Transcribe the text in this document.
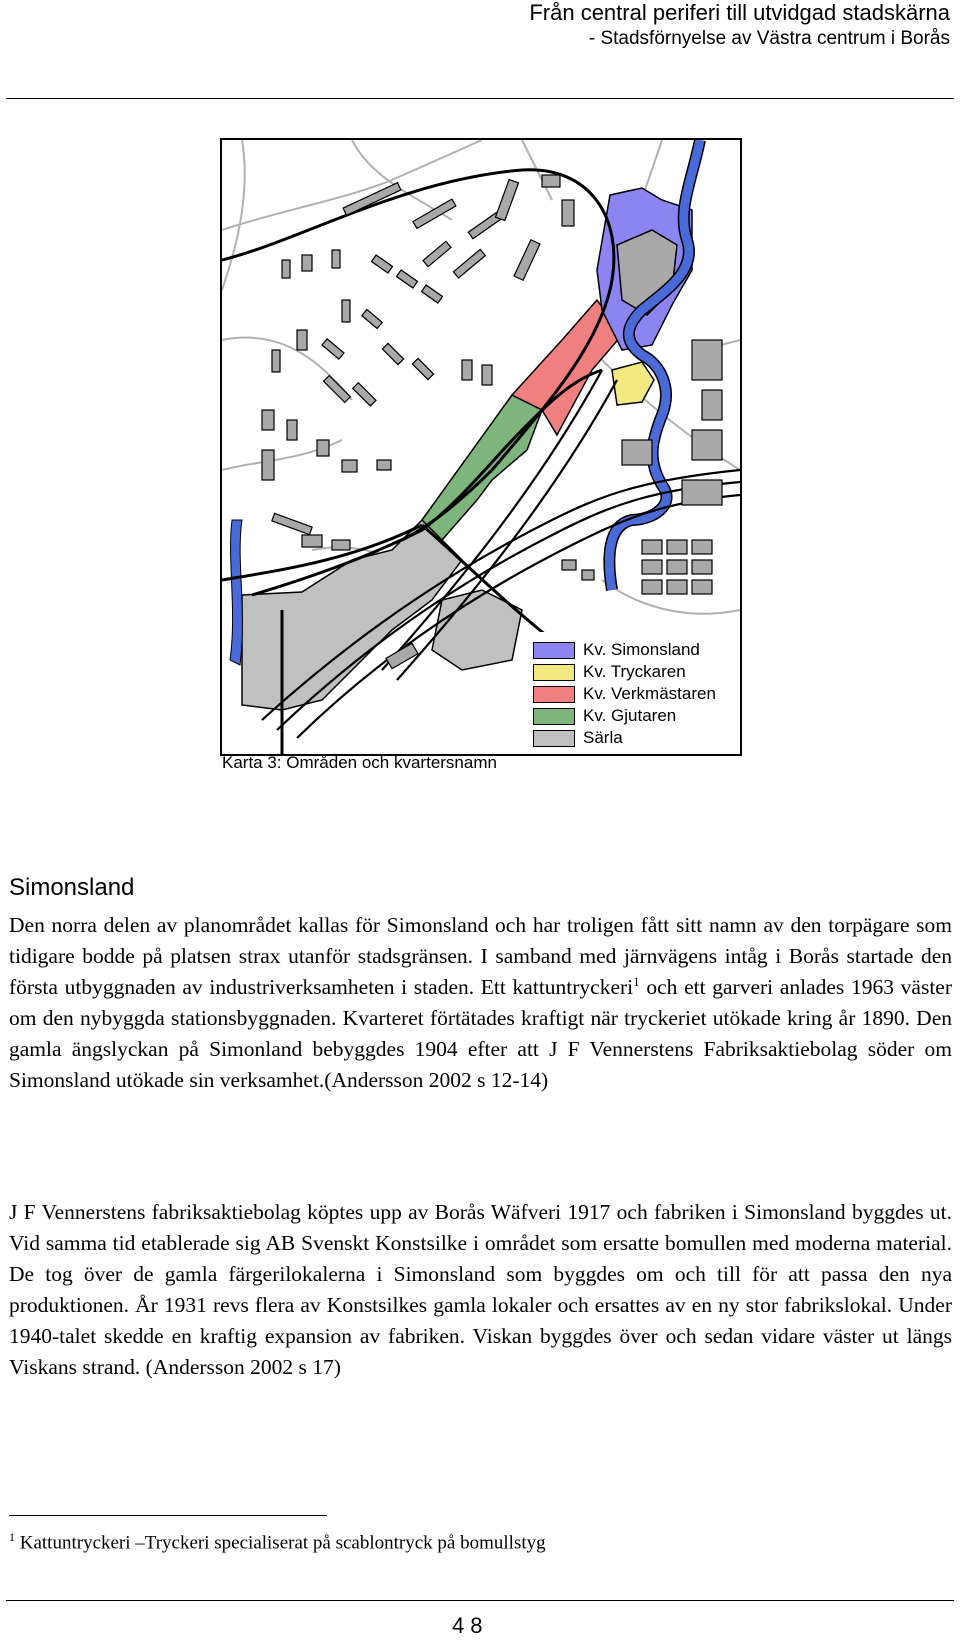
Från central periferi till utvidgad stadskärna
- Stadsförnyelse av Västra centrum i Borås
Kv. Simonsland
Kv. Tryckaren
Kv. Verkmästaren
Kv. Gjutaren
Särla
Karta 3: Områden och kvartersnamn
Simonsland
Den norra delen av planområdet kallas för Simonsland och har troligen fått sitt namn av den torpägare som tidigare bodde på platsen strax utanför stadsgränsen. I samband med järnvägens intåg i Borås startade den första utbyggnaden av industriverksamheten i staden. Ett kattuntryckeri$^1$ och ett garveri anlades 1963 väster om den nybyggda stationsbyggnaden. Kvarteret förtätades kraftigt när tryckeriet utökade kring år 1890. Den gamla ängslyckan på Simonland bebyggdes 1904 efter att J F Vennerstens Fabriksaktiebolag söder om Simonsland utökade sin verksamhet.(Andersson 2002 s 12-14)
J F Vennerstens fabriksaktiebolag köptes upp av Borås Wäfveri 1917 och fabriken i Simonsland byggdes ut. Vid samma tid etablerade sig AB Svenskt Konstsilke i området som ersatte bomullen med moderna material. De tog över de gamla färgerilokalerna i Simonsland som byggdes om och till för att passa den nya produktionen. År 1931 revs flera av Konstsilkes gamla lokaler och ersattes av en ny stor fabrikslokal. Under 1940-talet skedde en kraftig expansion av fabriken. Viskan byggdes över och sedan vidare väster ut längs Viskans strand. (Andersson 2002 s 17)
$^1$ Kattuntryckeri –Tryckeri specialiserat på scablontryck på bomullstyg
48
